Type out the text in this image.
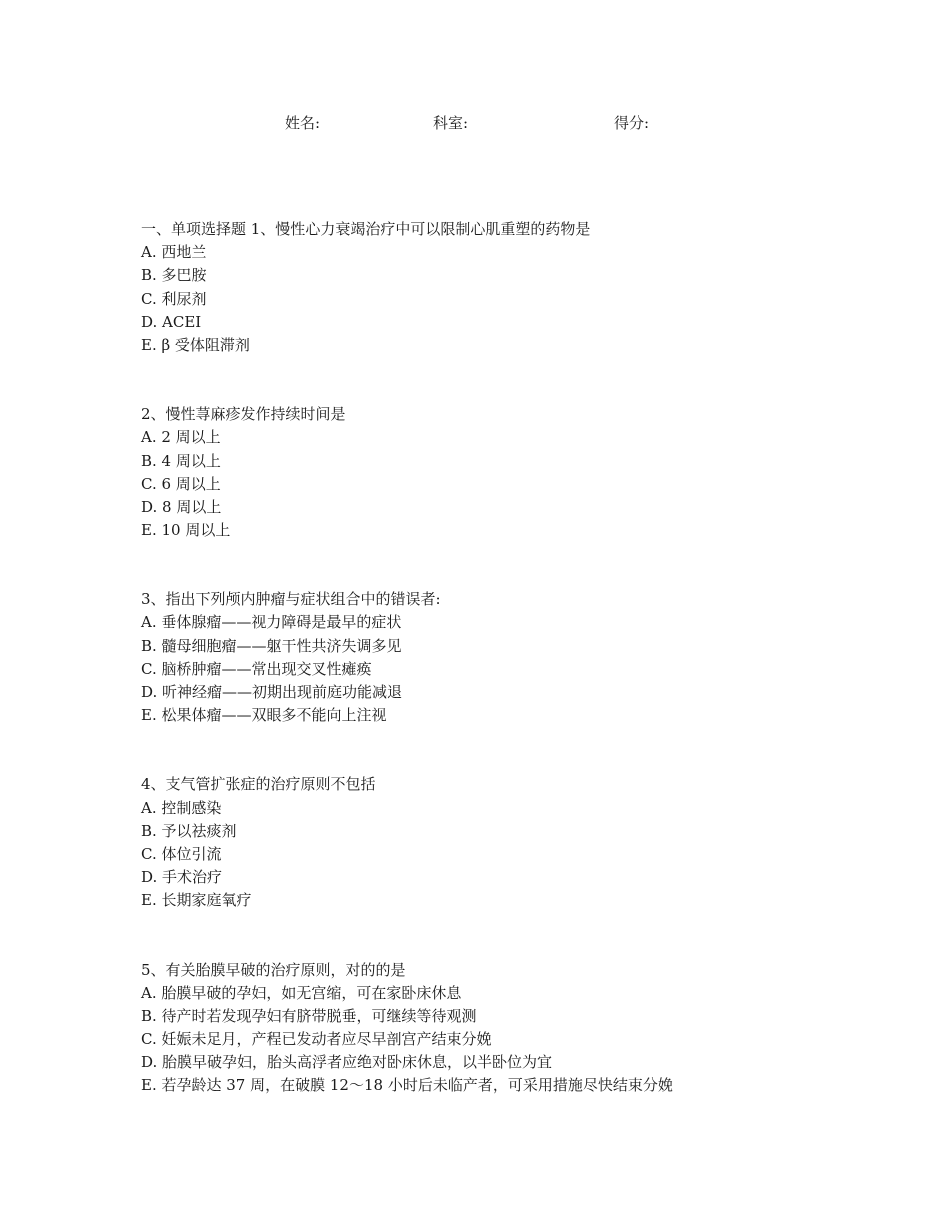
姓名:	科室:	得分:
一、单项选择题 1、慢性心力衰竭治疗中可以限制心肌重塑的药物是
A. 西地兰
B. 多巴胺
C. 利尿剂
D. ACEI
E. β 受体阻滞剂
2、慢性荨麻疹发作持续时间是
A. 2 周以上
B. 4 周以上
C. 6 周以上
D. 8 周以上
E. 10 周以上
3、指出下列颅内肿瘤与症状组合中的错误者:
A. 垂体腺瘤——视力障碍是最早的症状
B. 髓母细胞瘤——躯干性共济失调多见
C. 脑桥肿瘤——常出现交叉性瘫痪
D. 听神经瘤——初期出现前庭功能减退
E. 松果体瘤——双眼多不能向上注视
4、支气管扩张症的治疗原则不包括
A. 控制感染
B. 予以祛痰剂
C. 体位引流
D. 手术治疗
E. 长期家庭氧疗
5、有关胎膜早破的治疗原则，对的的是
A. 胎膜早破的孕妇，如无宫缩，可在家卧床休息
B. 待产时若发现孕妇有脐带脱垂，可继续等待观测
C. 妊娠未足月，产程已发动者应尽早剖宫产结束分娩
D. 胎膜早破孕妇，胎头高浮者应绝对卧床休息，以半卧位为宜
E. 若孕龄达 37 周，在破膜 12～18 小时后未临产者，可采用措施尽快结束分娩
